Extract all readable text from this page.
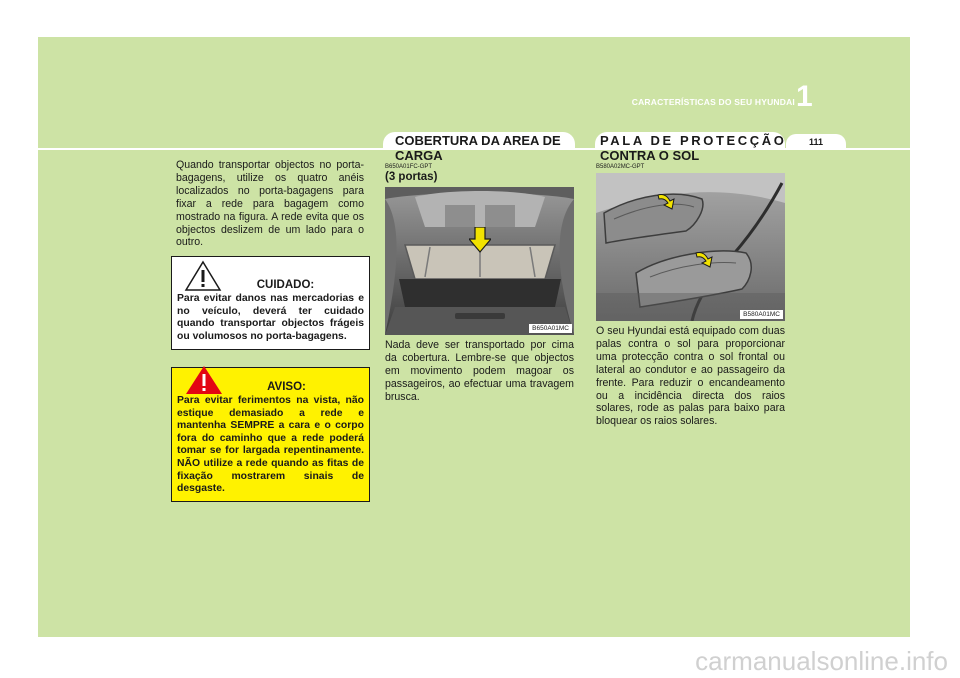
CARACTERÍSTICAS DO SEU HYUNDAI 1
COBERTURA DA AREA DE
CARGA
PALA DE PROTECÇÃO
CONTRA O SOL
111

Quando transportar objectos no porta-bagagens, utilize os quatro anéis localizados no porta-bagagens para fixar a rede para bagagem como mostrado na figura. A rede evita que os objectos deslizem de um lado para o outro.

CUIDADO:

Para evitar danos nas mercadorias e no veículo, deverá ter cuidado quando transportar objectos frágeis ou volumosos no porta-bagagens.

AVISO:

Para evitar ferimentos na vista, não estique demasiado a rede e mantenha SEMPRE a cara e o corpo fora do caminho que a rede poderá tomar se for largada repentinamente. NÃO utilize a rede quando as fitas de fixação mostrarem sinais de desgaste.

B650A01FC-GPT
(3 portas)
B650A01MC

Nada deve ser transportado por cima da cobertura. Lembre-se que objectos em movimento podem magoar os passageiros, ao efectuar uma travagem brusca.

B580A02MC-GPT
B580A01MC

O seu Hyundai está equipado com duas palas contra o sol para proporcionar uma protecção contra o sol frontal ou lateral ao condutor e ao passageiro da frente. Para reduzir o encandeamento ou a incidência directa dos raios solares, rode as palas para baixo para bloquear os raios solares.

carmanualsonline.info
